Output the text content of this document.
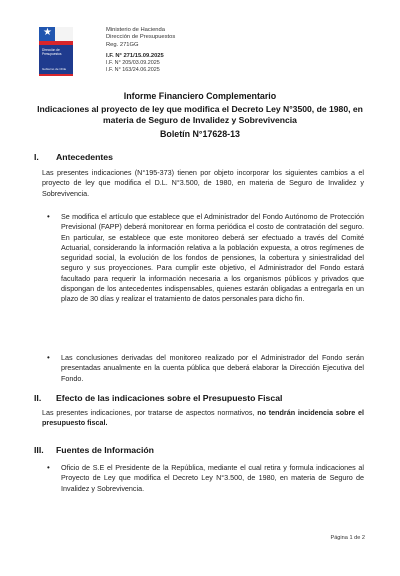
★
Dirección de Presupuestos
Gobierno de Chile
Ministerio de Hacienda
Dirección de Presupuestos
Reg. 271GG
I.F. N° 271/15.09.2025
I.F. N° 205/03.09.2025
I.F. N° 163/24.06.2025
Informe Financiero Complementario
Indicaciones al proyecto de ley que modifica el Decreto Ley N°3500, de 1980, en materia de Seguro de Invalidez y Sobrevivencia
Boletín N°17628-13
I. Antecedentes
Las presentes indicaciones (N°195-373) tienen por objeto incorporar los siguientes cambios a el proyecto de ley que modifica el D.L. N°3.500, de 1980, en materia de Seguro de Invalidez y Sobrevivencia.
• Se modifica el artículo que establece que el Administrador del Fondo Autónomo de Protección Previsional (FAPP) deberá monitorear en forma periódica el costo de contratación del seguro. En particular, se establece que este monitoreo deberá ser efectuado a través del Comité Actuarial, considerando la información relativa a la población expuesta, a otros regímenes de seguridad social, la evolución de los fondos de pensiones, la cobertura y siniestralidad del seguro y sus proyecciones. Para cumplir este objetivo, el Administrador del Fondo estará facultado para requerir la información necesaria a los organismos públicos y privados que dispongan de los antecedentes indispensables, quienes estarán obligadas a entregarla en un plazo de 30 días y realizar el tratamiento de datos personales para dicho fin.
• Las conclusiones derivadas del monitoreo realizado por el Administrador del Fondo serán presentadas anualmente en la cuenta pública que deberá elaborar la Dirección Ejecutiva del Fondo.
II. Efecto de las indicaciones sobre el Presupuesto Fiscal
Las presentes indicaciones, por tratarse de aspectos normativos, no tendrán incidencia sobre el presupuesto fiscal.
III. Fuentes de Información
• Oficio de S.E el Presidente de la República, mediante el cual retira y formula indicaciones al Proyecto de Ley que modifica el Decreto Ley N°3.500, de 1980, en materia de Seguro de Invalidez y Sobrevivencia.
Página 1 de 2
